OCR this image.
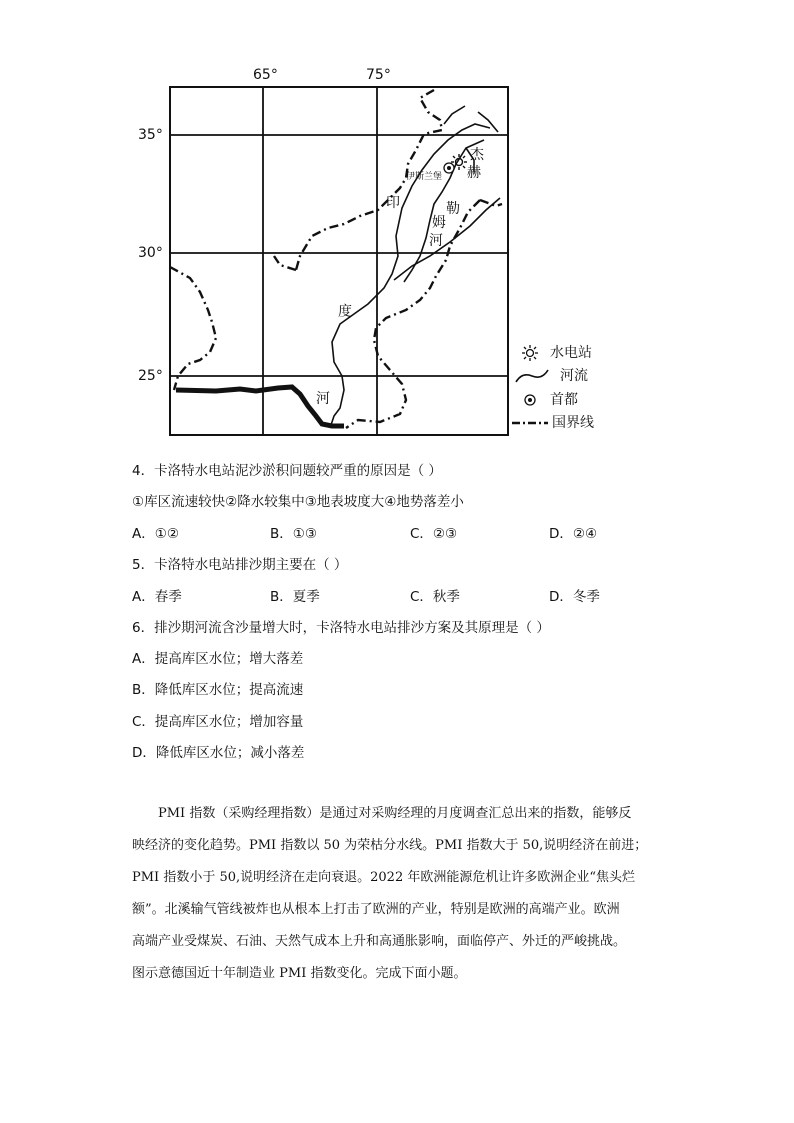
65°	75°
35°
30°
25°
伊斯兰堡
杰
赫
印
度
河
勒
姆
河
水电站
河流
首都
国界线
4．卡洛特水电站泥沙淤积问题较严重的原因是（ ）
①库区流速较快②降水较集中③地表坡度大④地势落差小
A．①②	B．①③	C．②③	D．②④
5．卡洛特水电站排沙期主要在（ ）
A．春季	B．夏季	C．秋季	D．冬季
6．排沙期河流含沙量增大时，卡洛特水电站排沙方案及其原理是（ ）
A．提高库区水位；增大落差
B．降低库区水位；提高流速
C．提高库区水位；增加容量
D．降低库区水位；减小落差

　　PMI 指数（采购经理指数）是通过对采购经理的月度调查汇总出来的指数，能够反

映经济的变化趋势。PMI 指数以 50 为荣枯分水线。PMI 指数大于 50,说明经济在前进；

PMI 指数小于 50,说明经济在走向衰退。2022 年欧洲能源危机让许多欧洲企业“焦头烂

额”。北溪输气管线被炸也从根本上打击了欧洲的产业，特别是欧洲的高端产业。欧洲

高端产业受煤炭、石油、天然气成本上升和高通胀影响，面临停产、外迁的严峻挑战。

图示意德国近十年制造业 PMI 指数变化。完成下面小题。
